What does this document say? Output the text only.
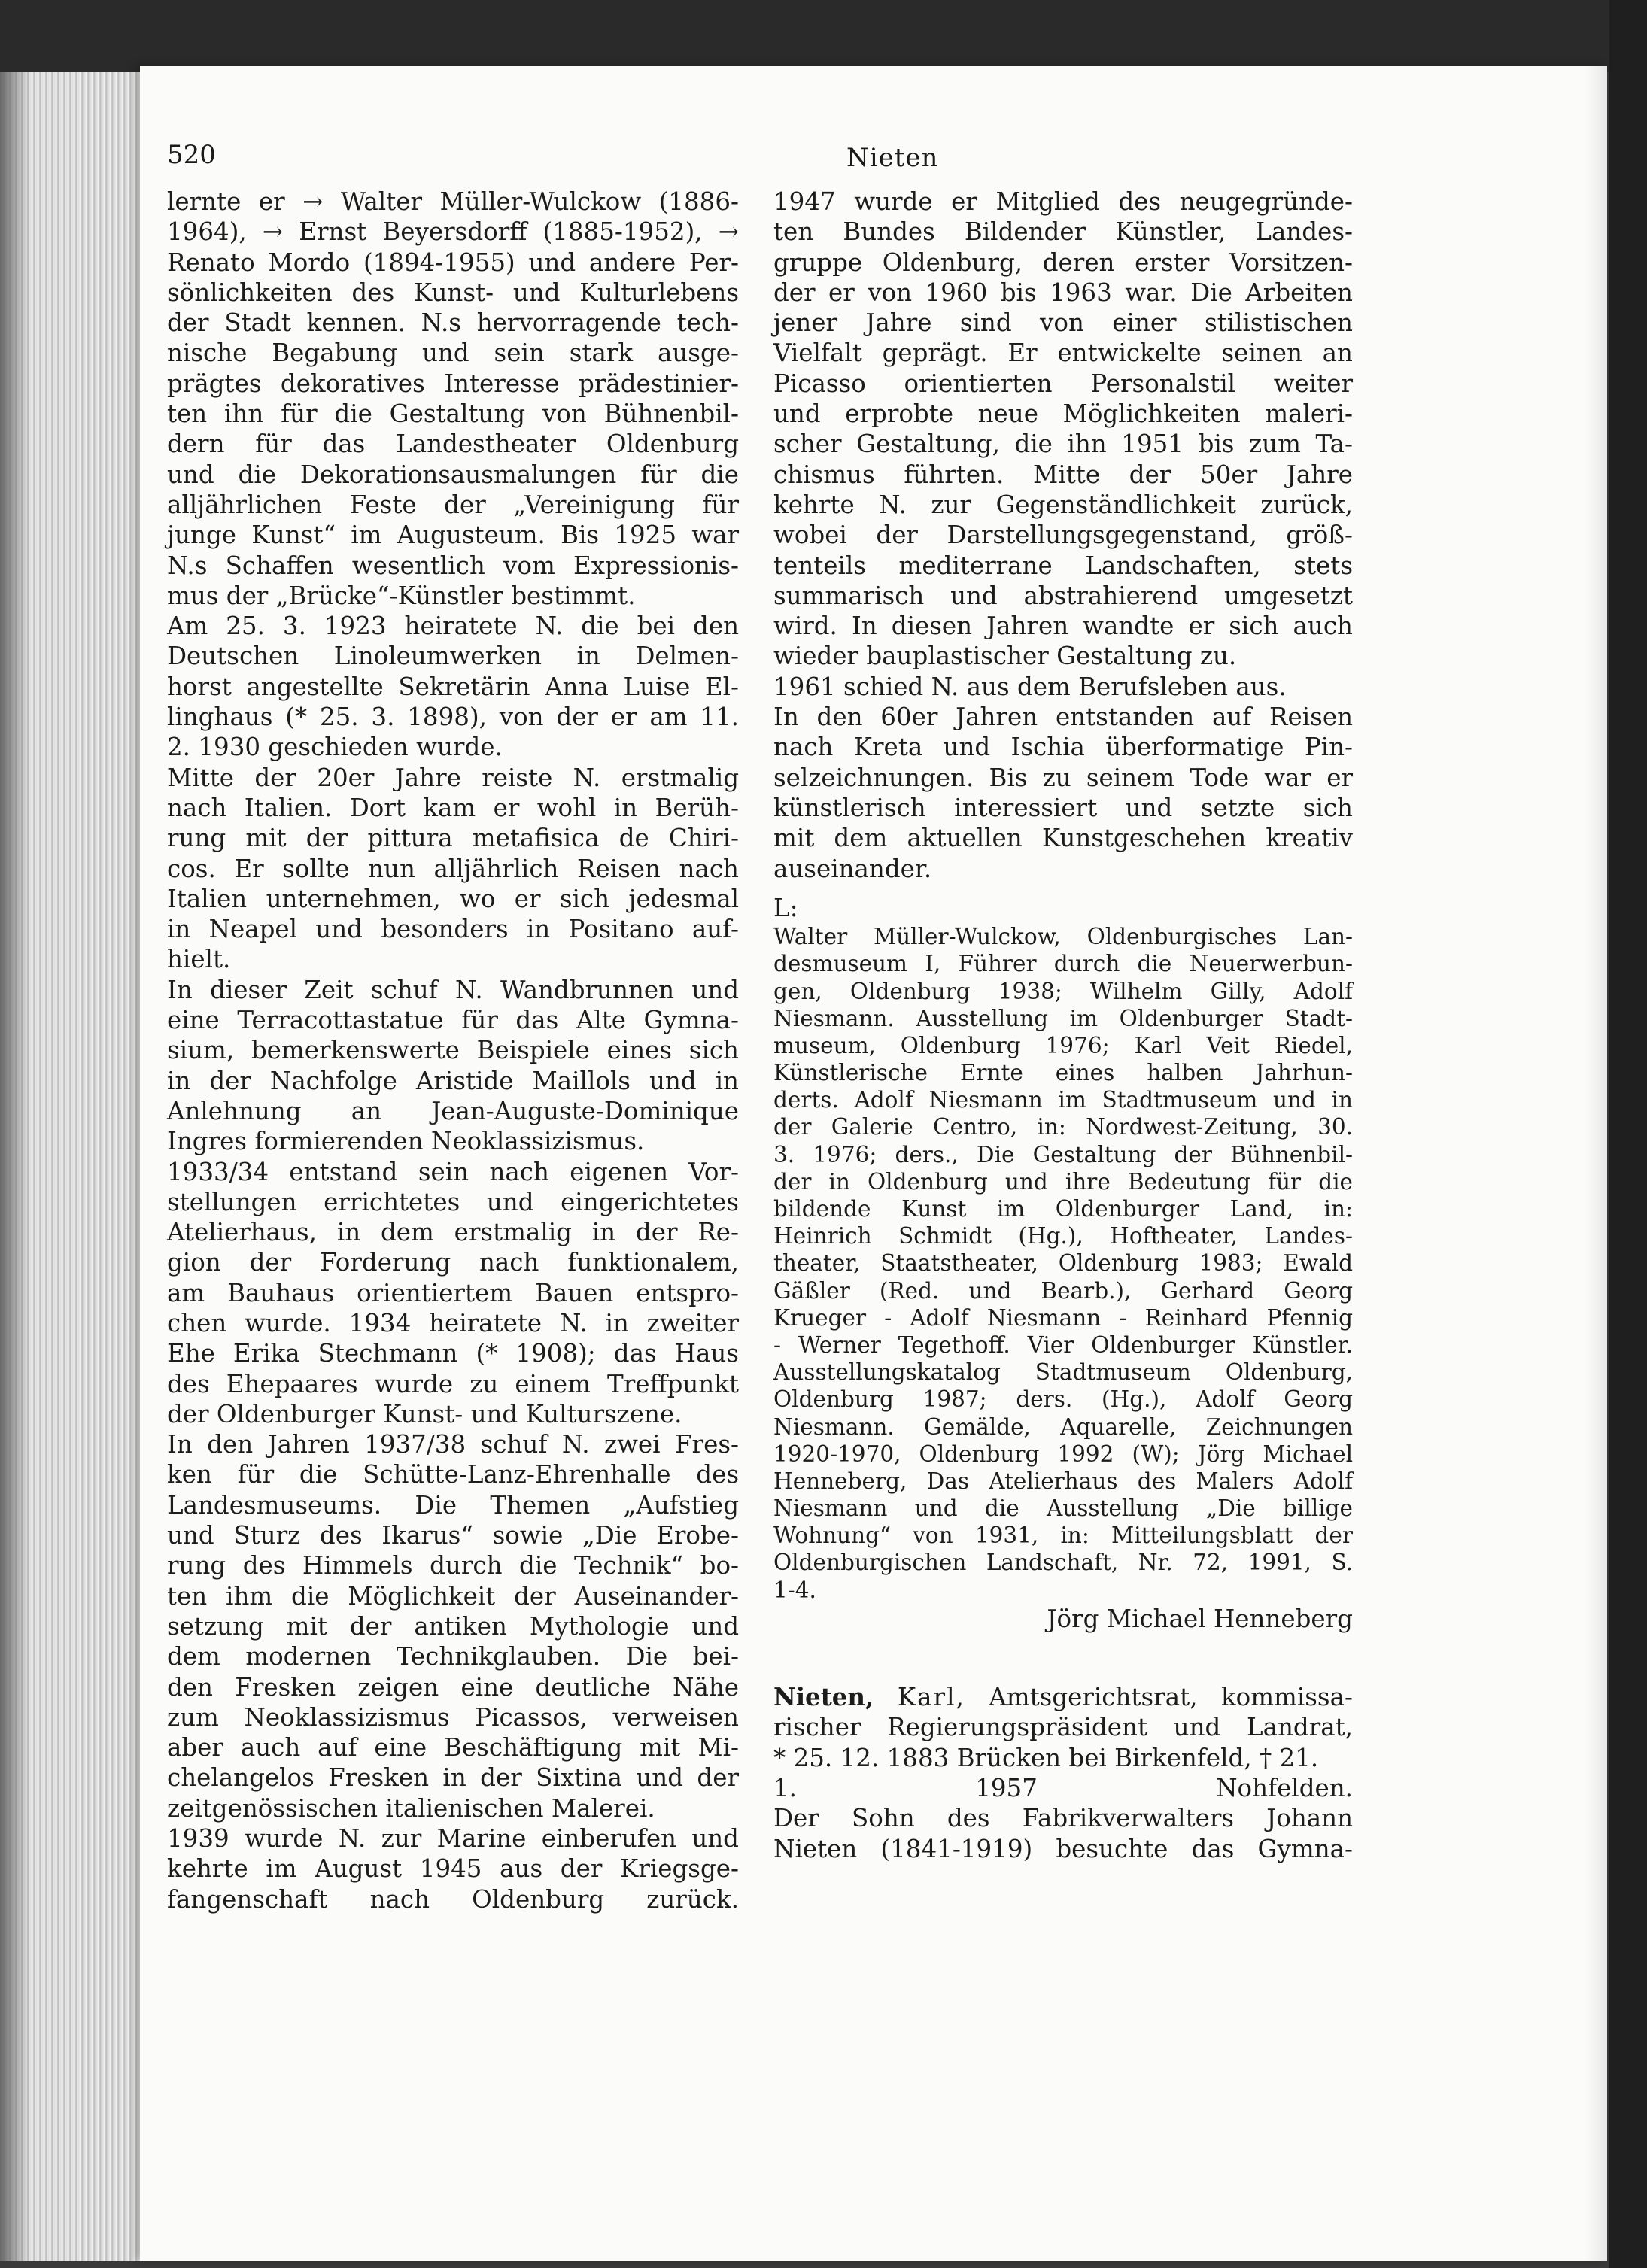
520	Nieten
lernte er → Walter Müller-Wulckow (1886-
1964), → Ernst Beyersdorff (1885-1952), →
Renato Mordo (1894-1955) und andere Per-
sönlichkeiten des Kunst- und Kulturlebens
der Stadt kennen. N.s hervorragende tech-
nische Begabung und sein stark ausge-
prägtes dekoratives Interesse prädestinier-
ten ihn für die Gestaltung von Bühnenbil-
dern für das Landestheater Oldenburg
und die Dekorationsausmalungen für die
alljährlichen Feste der „Vereinigung für
junge Kunst“ im Augusteum. Bis 1925 war
N.s Schaffen wesentlich vom Expressionis-
mus der „Brücke“-Künstler bestimmt.
Am 25. 3. 1923 heiratete N. die bei den
Deutschen Linoleumwerken in Delmen-
horst angestellte Sekretärin Anna Luise El-
linghaus (* 25. 3. 1898), von der er am 11.
2. 1930 geschieden wurde.
Mitte der 20er Jahre reiste N. erstmalig
nach Italien. Dort kam er wohl in Berüh-
rung mit der pittura metafisica de Chiri-
cos. Er sollte nun alljährlich Reisen nach
Italien unternehmen, wo er sich jedesmal
in Neapel und besonders in Positano auf-
hielt.
In dieser Zeit schuf N. Wandbrunnen und
eine Terracottastatue für das Alte Gymna-
sium, bemerkenswerte Beispiele eines sich
in der Nachfolge Aristide Maillols und in
Anlehnung an Jean-Auguste-Dominique
Ingres formierenden Neoklassizismus.
1933/34 entstand sein nach eigenen Vor-
stellungen errichtetes und eingerichtetes
Atelierhaus, in dem erstmalig in der Re-
gion der Forderung nach funktionalem,
am Bauhaus orientiertem Bauen entspro-
chen wurde. 1934 heiratete N. in zweiter
Ehe Erika Stechmann (* 1908); das Haus
des Ehepaares wurde zu einem Treffpunkt
der Oldenburger Kunst- und Kulturszene.
In den Jahren 1937/38 schuf N. zwei Fres-
ken für die Schütte-Lanz-Ehrenhalle des
Landesmuseums. Die Themen „Aufstieg
und Sturz des Ikarus“ sowie „Die Erobe-
rung des Himmels durch die Technik“ bo-
ten ihm die Möglichkeit der Auseinander-
setzung mit der antiken Mythologie und
dem modernen Technikglauben. Die bei-
den Fresken zeigen eine deutliche Nähe
zum Neoklassizismus Picassos, verweisen
aber auch auf eine Beschäftigung mit Mi-
chelangelos Fresken in der Sixtina und der
zeitgenössischen italienischen Malerei.
1939 wurde N. zur Marine einberufen und
kehrte im August 1945 aus der Kriegsge-
fangenschaft nach Oldenburg zurück.
1947 wurde er Mitglied des neugegründe-
ten Bundes Bildender Künstler, Landes-
gruppe Oldenburg, deren erster Vorsitzen-
der er von 1960 bis 1963 war. Die Arbeiten
jener Jahre sind von einer stilistischen
Vielfalt geprägt. Er entwickelte seinen an
Picasso orientierten Personalstil weiter
und erprobte neue Möglichkeiten maleri-
scher Gestaltung, die ihn 1951 bis zum Ta-
chismus führten. Mitte der 50er Jahre
kehrte N. zur Gegenständlichkeit zurück,
wobei der Darstellungsgegenstand, größ-
tenteils mediterrane Landschaften, stets
summarisch und abstrahierend umgesetzt
wird. In diesen Jahren wandte er sich auch
wieder bauplastischer Gestaltung zu.
1961 schied N. aus dem Berufsleben aus.
In den 60er Jahren entstanden auf Reisen
nach Kreta und Ischia überformatige Pin-
selzeichnungen. Bis zu seinem Tode war er
künstlerisch interessiert und setzte sich
mit dem aktuellen Kunstgeschehen kreativ
auseinander.
L:
Walter Müller-Wulckow, Oldenburgisches Lan-
desmuseum I, Führer durch die Neuerwerbun-
gen, Oldenburg 1938; Wilhelm Gilly, Adolf
Niesmann. Ausstellung im Oldenburger Stadt-
museum, Oldenburg 1976; Karl Veit Riedel,
Künstlerische Ernte eines halben Jahrhun-
derts. Adolf Niesmann im Stadtmuseum und in
der Galerie Centro, in: Nordwest-Zeitung, 30.
3. 1976; ders., Die Gestaltung der Bühnenbil-
der in Oldenburg und ihre Bedeutung für die
bildende Kunst im Oldenburger Land, in:
Heinrich Schmidt (Hg.), Hoftheater, Landes-
theater, Staatstheater, Oldenburg 1983; Ewald
Gäßler (Red. und Bearb.), Gerhard Georg
Krueger - Adolf Niesmann - Reinhard Pfennig
- Werner Tegethoff. Vier Oldenburger Künstler.
Ausstellungskatalog Stadtmuseum Oldenburg,
Oldenburg 1987; ders. (Hg.), Adolf Georg
Niesmann. Gemälde, Aquarelle, Zeichnungen
1920-1970, Oldenburg 1992 (W); Jörg Michael
Henneberg, Das Atelierhaus des Malers Adolf
Niesmann und die Ausstellung „Die billige
Wohnung“ von 1931, in: Mitteilungsblatt der
Oldenburgischen Landschaft, Nr. 72, 1991, S.
1-4.
Jörg Michael Henneberg
Nieten, Karl, Amtsgerichtsrat, kommissa-
rischer Regierungspräsident und Landrat,
* 25. 12. 1883 Brücken bei Birkenfeld, † 21.
1. 1957 Nohfelden.
Der Sohn des Fabrikverwalters Johann
Nieten (1841-1919) besuchte das Gymna-
